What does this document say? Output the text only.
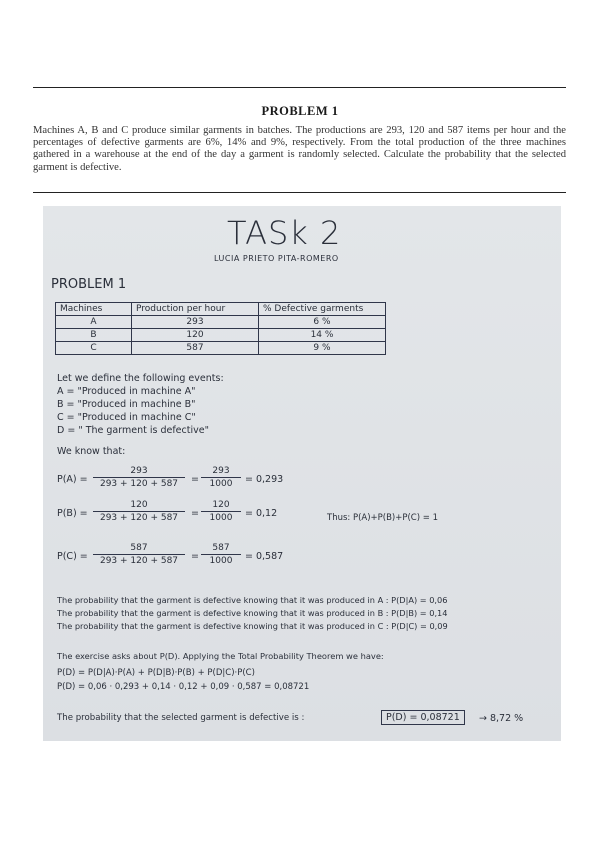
PROBLEM 1
Machines A, B and C produce similar garments in batches. The productions are 293, 120 and 587 items per hour and the percentages of defective garments are 6%, 14% and 9%, respectively. From the total production of the three machines gathered in a warehouse at the end of the day a garment is randomly selected. Calculate the probability that the selected garment is defective.
TASk 2
LUCIA PRIETO PITA-ROMERO
PROBLEM 1
Machines	Production per hour	% Defective garments
A	293	6 %
B	120	14 %
C	587	9 %
Let we define the following events:
A = "Produced in machine A"
B = "Produced in machine B"
C = "Produced in machine C"
D = " The garment is defective"
We know that:
$P(A) = \frac{293}{293 + 120 + 587} = \frac{293}{1000} = 0,293$
$P(B) = \frac{120}{293 + 120 + 587} = \frac{120}{1000} = 0,12$	Thus: P(A)+P(B)+P(C) = 1
$P(C) = \frac{587}{293 + 120 + 587} = \frac{587}{1000} = 0,587$
The probability that the garment is defective knowing that it was produced in A : P(D|A) = 0,06
The probability that the garment is defective knowing that it was produced in B : P(D|B) = 0,14
The probability that the garment is defective knowing that it was produced in C : P(D|C) = 0,09
The exercise asks about P(D). Applying the Total Probability Theorem we have:
P(D) = P(D|A)·P(A) + P(D|B)·P(B) + P(D|C)·P(C)
P(D) = 0,06 · 0,293 + 0,14 · 0,12 + 0,09 · 0,587 = 0,08721
The probability that the selected garment is defective is :	P(D) = 0,08721	→ 8,72 %
